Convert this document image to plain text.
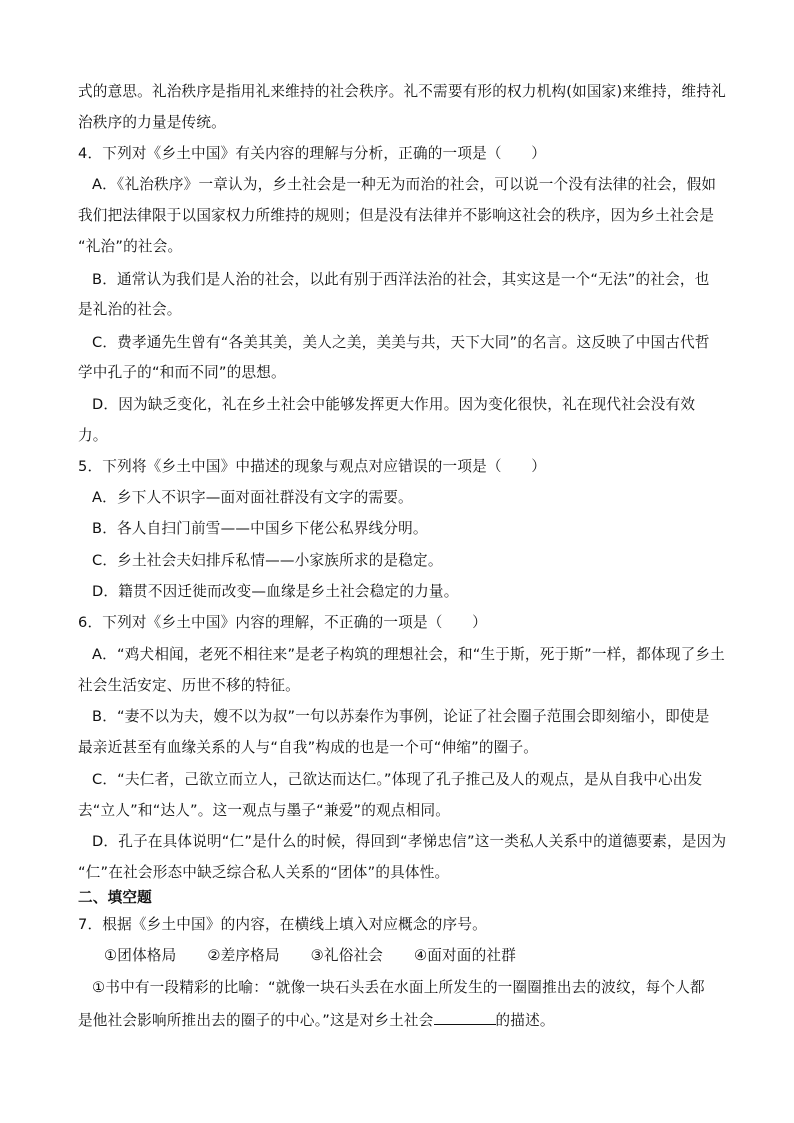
式的意思。礼治秩序是指用礼来维持的社会秩序。礼不需要有形的权力机构(如国家)来维持，维持礼
治秩序的力量是传统。
4．下列对《乡土中国》有关内容的理解与分析，正确的一项是（　　）
A．《礼治秩序》一章认为，乡土社会是一种无为而治的社会，可以说一个没有法律的社会，假如
我们把法律限于以国家权力所维持的规则；但是没有法律并不影响这社会的秩序，因为乡土社会是
“礼治”的社会。
B．通常认为我们是人治的社会，以此有别于西洋法治的社会，其实这是一个“无法”的社会，也
是礼治的社会。
C．费孝通先生曾有“各美其美，美人之美，美美与共，天下大同”的名言。这反映了中国古代哲
学中孔子的“和而不同”的思想。
D．因为缺乏变化，礼在乡土社会中能够发挥更大作用。因为变化很快，礼在现代社会没有效
力。
5．下列将《乡土中国》中描述的现象与观点对应错误的一项是（　　）
A．乡下人不识字—面对面社群没有文字的需要。
B．各人自扫门前雪——中国乡下佬公私界线分明。
C．乡土社会夫妇排斥私情——小家族所求的是稳定。
D．籍贯不因迁徙而改变—血缘是乡土社会稳定的力量。
6．下列对《乡土中国》内容的理解，不正确的一项是（　　）
A．“鸡犬相闻，老死不相往来”是老子构筑的理想社会，和“生于斯，死于斯”一样，都体现了乡土
社会生活安定、历世不移的特征。
B．“妻不以为夫，嫂不以为叔”一句以苏秦作为事例，论证了社会圈子范围会即刻缩小，即使是
最亲近甚至有血缘关系的人与“自我”构成的也是一个可“伸缩”的圈子。
C．“夫仁者，己欲立而立人，己欲达而达仁。”体现了孔子推己及人的观点，是从自我中心出发
去“立人”和“达人”。这一观点与墨子“兼爱”的观点相同。
D．孔子在具体说明“仁”是什么的时候，得回到“孝悌忠信”这一类私人关系中的道德要素，是因为
“仁”在社会形态中缺乏综合私人关系的“团体”的具体性。
二、填空题
7．根据《乡土中国》的内容，在横线上填入对应概念的序号。
①团体格局 ②差序格局 ③礼俗社会 ④面对面的社群
①书中有一段精彩的比喻：“就像一块石头丢在水面上所发生的一圈圈推出去的波纹，每个人都
是他社会影响所推出去的圈子的中心。”这是对乡土社会	的描述。
